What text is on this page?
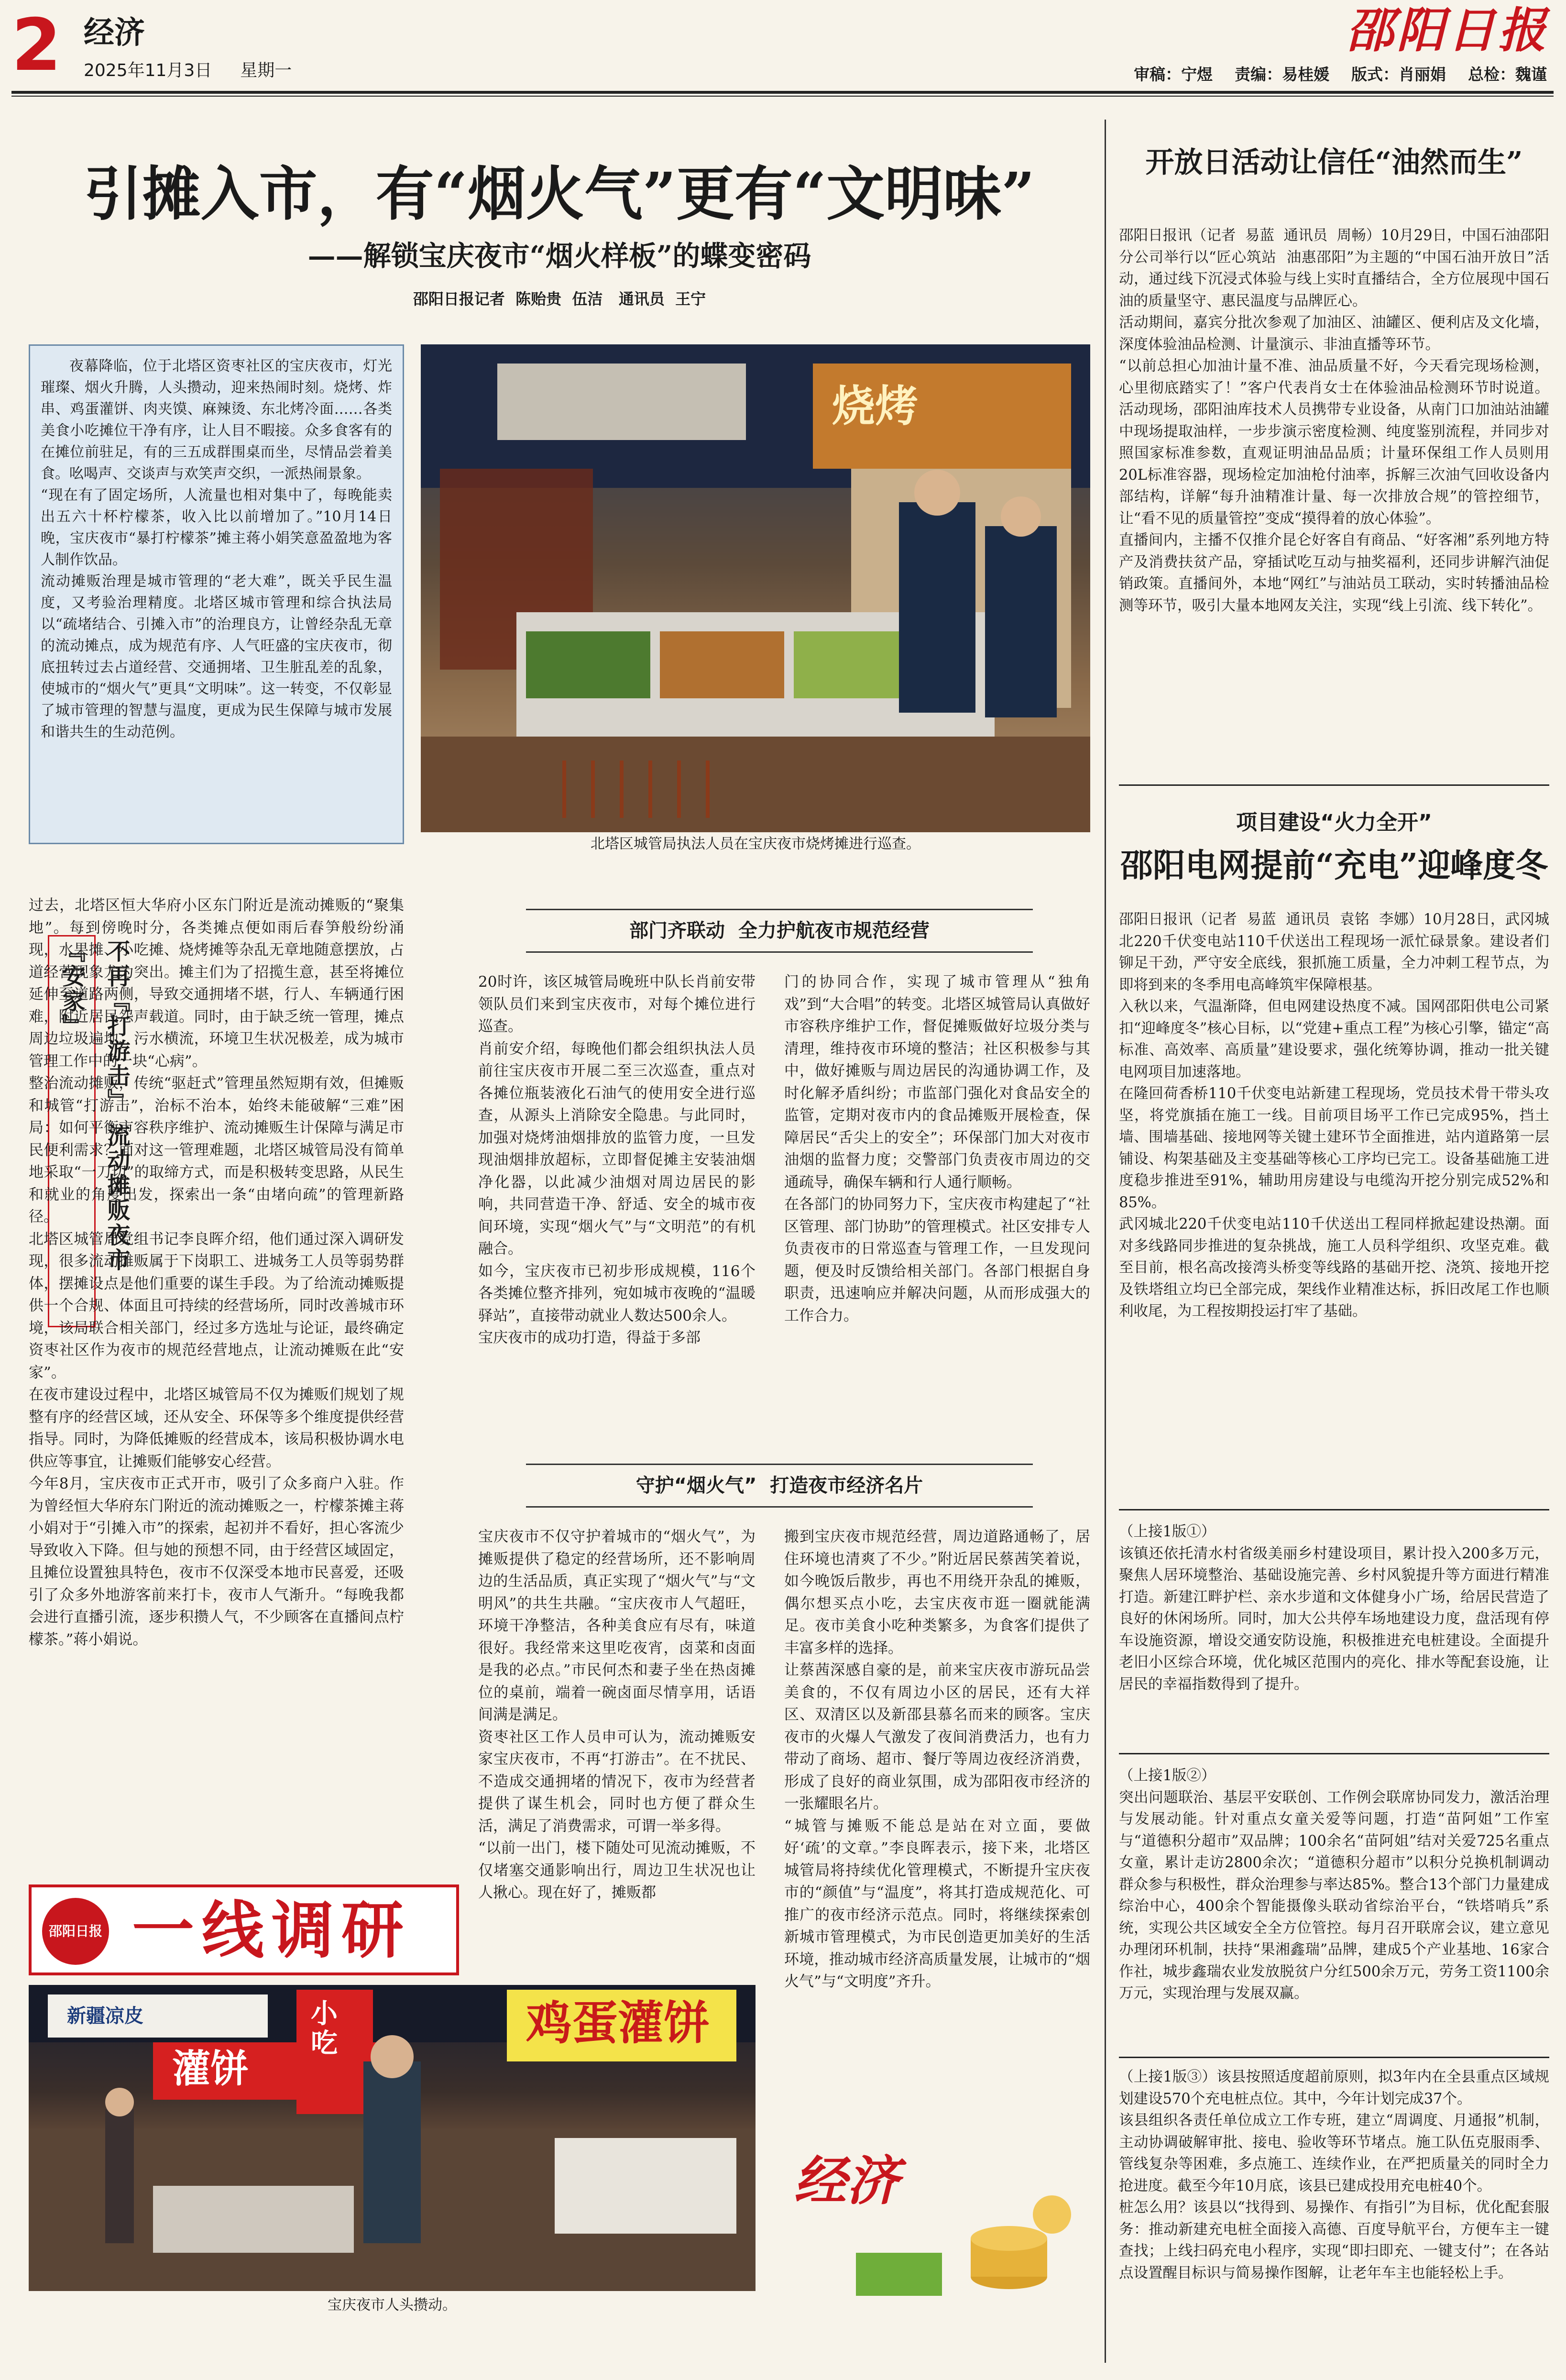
2 经济
2025年11月3日 星期一
邵阳日报
审稿：宁煜    责编：易桂媛    版式：肖丽娟    总检：魏谨
引摊入市，有“烟火气”更有“文明味”
——解锁宝庆夜市“烟火样板”的蝶变密码
邵阳日报记者  陈贻贵  伍洁   通讯员  王宁
夜幕降临，位于北塔区资枣社区的宝庆夜市，灯光璀璨、烟火升腾，人头攒动，迎来热闹时刻。烧烤、炸串、鸡蛋灌饼、肉夹馍、麻辣烫、东北烤冷面……各类美食小吃摊位干净有序，让人目不暇接。众多食客有的在摊位前驻足，有的三五成群围桌而坐，尽情品尝着美食。吆喝声、交谈声与欢笑声交织，一派热闹景象。
“现在有了固定场所，人流量也相对集中了，每晚能卖出五六十杯柠檬茶，收入比以前增加了。”10月14日晚，宝庆夜市“暴打柠檬茶”摊主蒋小娟笑意盈盈地为客人制作饮品。
流动摊贩治理是城市管理的“老大难”，既关乎民生温度，又考验治理精度。北塔区城市管理和综合执法局以“疏堵结合、引摊入市”的治理良方，让曾经杂乱无章的流动摊点，成为规范有序、人气旺盛的宝庆夜市，彻底扭转过去占道经营、交通拥堵、卫生脏乱差的乱象，使城市的“烟火气”更具“文明味”。这一转变，不仅彰显了城市管理的智慧与温度，更成为民生保障与城市发展和谐共生的生动范例。
烧烤
北塔区城管局执法人员在宝庆夜市烧烤摊进行巡查。
不再『打游击』 流动摊贩夜市『安家』
过去，北塔区恒大华府小区东门附近是流动摊贩的“聚集地”。每到傍晚时分，各类摊点便如雨后春笋般纷纷涌现，水果摊、小吃摊、烧烤摊等杂乱无章地随意摆放，占道经营现象尤为突出。摊主们为了招揽生意，甚至将摊位延伸至道路两侧，导致交通拥堵不堪，行人、车辆通行困难，附近居民怨声载道。同时，由于缺乏统一管理，摊点周边垃圾遍地、污水横流，环境卫生状况极差，成为城市管理工作中的一块“心病”。
整治流动摊贩，传统“驱赶式”管理虽然短期有效，但摊贩和城管“打游击”，治标不治本，始终未能破解“三难”困局：如何平衡市容秩序维护、流动摊贩生计保障与满足市民便利需求？面对这一管理难题，北塔区城管局没有简单地采取“一刀切”的取缔方式，而是积极转变思路，从民生和就业的角度出发，探索出一条“由堵向疏”的管理新路径。
北塔区城管局党组书记李良晖介绍，他们通过深入调研发现，很多流动摊贩属于下岗职工、进城务工人员等弱势群体，摆摊设点是他们重要的谋生手段。为了给流动摊贩提供一个合规、体面且可持续的经营场所，同时改善城市环境，该局联合相关部门，经过多方选址与论证，最终确定资枣社区作为夜市的规范经营地点，让流动摊贩在此“安家”。
在夜市建设过程中，北塔区城管局不仅为摊贩们规划了规整有序的经营区域，还从安全、环保等多个维度提供经营指导。同时，为降低摊贩的经营成本，该局积极协调水电供应等事宜，让摊贩们能够安心经营。
今年8月，宝庆夜市正式开市，吸引了众多商户入驻。作为曾经恒大华府东门附近的流动摊贩之一，柠檬茶摊主蒋小娟对于“引摊入市”的探索，起初并不看好，担心客流少导致收入下降。但与她的预想不同，由于经营区域固定，且摊位设置独具特色，夜市不仅深受本地市民喜爱，还吸引了众多外地游客前来打卡，夜市人气渐升。“每晚我都会进行直播引流，逐步积攒人气，不少顾客在直播间点柠檬茶。”蒋小娟说。
部门齐联动  全力护航夜市规范经营
20时许，该区城管局晚班中队长肖前安带领队员们来到宝庆夜市，对每个摊位进行巡查。
肖前安介绍，每晚他们都会组织执法人员前往宝庆夜市开展二至三次巡查，重点对各摊位瓶装液化石油气的使用安全进行巡查，从源头上消除安全隐患。与此同时，加强对烧烤油烟排放的监管力度，一旦发现油烟排放超标，立即督促摊主安装油烟净化器，以此减少油烟对周边居民的影响，共同营造干净、舒适、安全的城市夜间环境，实现“烟火气”与“文明范”的有机融合。
如今，宝庆夜市已初步形成规模，116个各类摊位整齐排列，宛如城市夜晚的“温暖驿站”，直接带动就业人数达500余人。
宝庆夜市的成功打造，得益于多部
门的协同合作，实现了城市管理从“独角戏”到“大合唱”的转变。北塔区城管局认真做好市容秩序维护工作，督促摊贩做好垃圾分类与清理，维持夜市环境的整洁；社区积极参与其中，做好摊贩与周边居民的沟通协调工作，及时化解矛盾纠纷；市监部门强化对食品安全的监管，定期对夜市内的食品摊贩开展检查，保障居民“舌尖上的安全”；环保部门加大对夜市油烟的监督力度；交警部门负责夜市周边的交通疏导，确保车辆和行人通行顺畅。
在各部门的协同努力下，宝庆夜市构建起了“社区管理、部门协助”的管理模式。社区安排专人负责夜市的日常巡查与管理工作，一旦发现问题，便及时反馈给相关部门。各部门根据自身职责，迅速响应并解决问题，从而形成强大的工作合力。
守护“烟火气”  打造夜市经济名片
宝庆夜市不仅守护着城市的“烟火气”，为摊贩提供了稳定的经营场所，还不影响周边的生活品质，真正实现了“烟火气”与“文明风”的共生共融。“宝庆夜市人气超旺，环境干净整洁，各种美食应有尽有，味道很好。我经常来这里吃夜宵，卤菜和卤面是我的必点。”市民何杰和妻子坐在热卤摊位的桌前，端着一碗卤面尽情享用，话语间满是满足。
资枣社区工作人员申可认为，流动摊贩安家宝庆夜市，不再“打游击”。在不扰民、不造成交通拥堵的情况下，夜市为经营者提供了谋生机会，同时也方便了群众生活，满足了消费需求，可谓一举多得。
“以前一出门，楼下随处可见流动摊贩，不仅堵塞交通影响出行，周边卫生状况也让人揪心。现在好了，摊贩都
搬到宝庆夜市规范经营，周边道路通畅了，居住环境也清爽了不少。”附近居民蔡茜笑着说，如今晚饭后散步，再也不用绕开杂乱的摊贩，偶尔想买点小吃，去宝庆夜市逛一圈就能满足。夜市美食小吃种类繁多，为食客们提供了丰富多样的选择。
让蔡茜深感自豪的是，前来宝庆夜市游玩品尝美食的，不仅有周边小区的居民，还有大祥区、双清区以及新邵县慕名而来的顾客。宝庆夜市的火爆人气激发了夜间消费活力，也有力带动了商场、超市、餐厅等周边夜经济消费，形成了良好的商业氛围，成为邵阳夜市经济的一张耀眼名片。
“城管与摊贩不能总是站在对立面，要做好‘疏’的文章。”李良晖表示，接下来，北塔区城管局将持续优化管理模式，不断提升宝庆夜市的“颜值”与“温度”，将其打造成规范化、可推广的夜市经济示范点。同时，将继续探索创新城市管理模式，为市民创造更加美好的生活环境，推动城市经济高质量发展，让城市的“烟火气”与“文明度”齐升。
邵阳日报 一线调研
鸡蛋灌饼
灌饼
小吃
新疆凉皮
宝庆夜市人头攒动。
经济
开放日活动让信任“油然而生”
邵阳日报讯（记者  易蓝  通讯员  周畅）10月29日，中国石油邵阳分公司举行以“匠心筑站  油惠邵阳”为主题的“中国石油开放日”活动，通过线下沉浸式体验与线上实时直播结合，全方位展现中国石油的质量坚守、惠民温度与品牌匠心。
活动期间，嘉宾分批次参观了加油区、油罐区、便利店及文化墙，深度体验油品检测、计量演示、非油直播等环节。
“以前总担心加油计量不准、油品质量不好，今天看完现场检测，心里彻底踏实了！”客户代表肖女士在体验油品检测环节时说道。活动现场，邵阳油库技术人员携带专业设备，从南门口加油站油罐中现场提取油样，一步步演示密度检测、纯度鉴别流程，并同步对照国家标准参数，直观证明油品品质；计量环保组工作人员则用20L标准容器，现场检定加油枪付油率，拆解三次油气回收设备内部结构，详解“每升油精准计量、每一次排放合规”的管控细节，让“看不见的质量管控”变成“摸得着的放心体验”。
直播间内，主播不仅推介昆仑好客自有商品、“好客湘”系列地方特产及消费扶贫产品，穿插试吃互动与抽奖福利，还同步讲解汽油促销政策。直播间外，本地“网红”与油站员工联动，实时转播油品检测等环节，吸引大量本地网友关注，实现“线上引流、线下转化”。
项目建设“火力全开”
邵阳电网提前“充电”迎峰度冬
邵阳日报讯（记者  易蓝  通讯员  袁铭  李娜）10月28日，武冈城北220千伏变电站110千伏送出工程现场一派忙碌景象。建设者们铆足干劲，严守安全底线，狠抓施工质量，全力冲刺工程节点，为即将到来的冬季用电高峰筑牢保障根基。
入秋以来，气温渐降，但电网建设热度不减。国网邵阳供电公司紧扣“迎峰度冬”核心目标，以“党建+重点工程”为核心引擎，锚定“高标准、高效率、高质量”建设要求，强化统筹协调，推动一批关键电网项目加速落地。
在隆回荷香桥110千伏变电站新建工程现场，党员技术骨干带头攻坚，将党旗插在施工一线。目前项目场平工作已完成95%，挡土墙、围墙基础、接地网等关键土建环节全面推进，站内道路第一层铺设、构架基础及主变基础等核心工序均已完工。设备基础施工进度稳步推进至91%，辅助用房建设与电缆沟开挖分别完成52%和85%。
武冈城北220千伏变电站110千伏送出工程同样掀起建设热潮。面对多线路同步推进的复杂挑战，施工人员科学组织、攻坚克难。截至目前，根名高改接湾头桥变等线路的基础开挖、浇筑、接地开挖及铁塔组立均已全部完成，架线作业精准达标，拆旧改尾工作也顺利收尾，为工程按期投运打牢了基础。
（上接1版①）
该镇还依托清水村省级美丽乡村建设项目，累计投入200多万元，聚焦人居环境整治、基础设施完善、乡村风貌提升等方面进行精准打造。新建江畔护栏、亲水步道和文体健身小广场，给居民营造了良好的休闲场所。同时，加大公共停车场地建设力度，盘活现有停车设施资源，增设交通安防设施，积极推进充电桩建设。全面提升老旧小区综合环境，优化城区范围内的亮化、排水等配套设施，让居民的幸福指数得到了提升。
（上接1版②）
突出问题联治、基层平安联创、工作例会联席协同发力，激活治理与发展动能。针对重点女童关爱等问题，打造“苗阿姐”工作室与“道德积分超市”双品牌；100余名“苗阿姐”结对关爱725名重点女童，累计走访2800余次；“道德积分超市”以积分兑换机制调动群众参与积极性，群众治理参与率达85%。整合13个部门力量建成综治中心，400余个智能摄像头联动省综治平台，“铁塔哨兵”系统，实现公共区域安全全方位管控。每月召开联席会议，建立意见办理闭环机制，扶持“果湘鑫瑞”品牌，建成5个产业基地、16家合作社，城步鑫瑞农业发放脱贫户分红500余万元，劳务工资1100余万元，实现治理与发展双赢。
（上接1版③）该县按照适度超前原则，拟3年内在全县重点区域规划建设570个充电桩点位。其中，今年计划完成37个。
该县组织各责任单位成立工作专班，建立“周调度、月通报”机制，主动协调破解审批、接电、验收等环节堵点。施工队伍克服雨季、管线复杂等困难，多点施工、连续作业，在严把质量关的同时全力抢进度。截至今年10月底，该县已建成投用充电桩40个。
桩怎么用？该县以“找得到、易操作、有指引”为目标，优化配套服务：推动新建充电桩全面接入高德、百度导航平台，方便车主一键查找；上线扫码充电小程序，实现“即扫即充、一键支付”；在各站点设置醒目标识与简易操作图解，让老年车主也能轻松上手。
